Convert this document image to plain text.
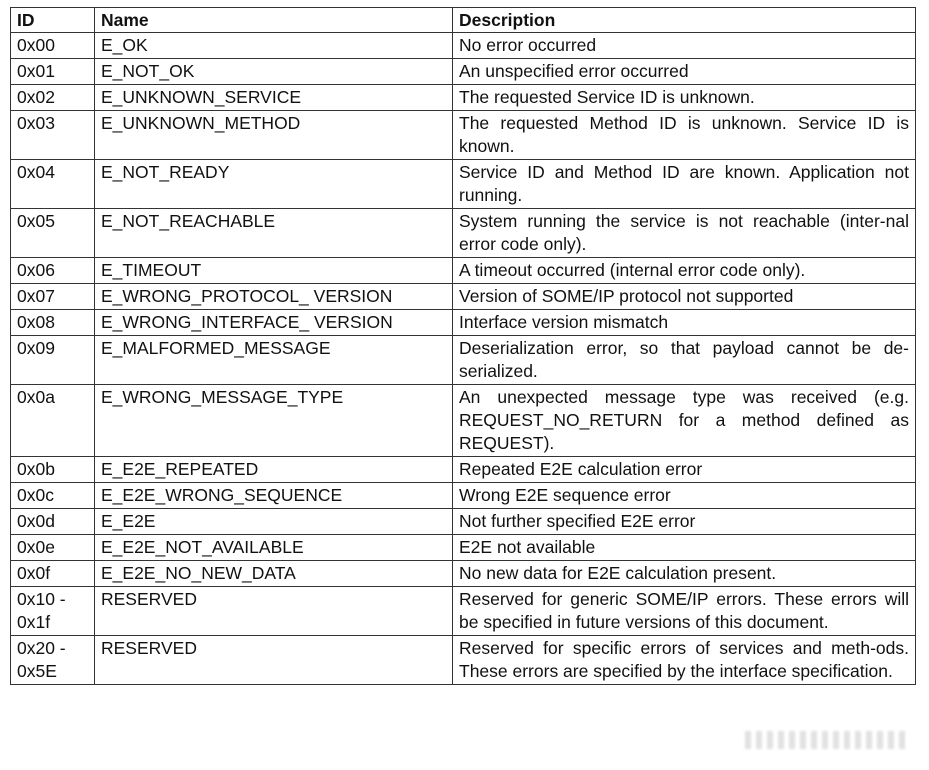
ID	Name	Description
0x00	E_OK	No error occurred
0x01	E_NOT_OK	An unspecified error occurred
0x02	E_UNKNOWN_SERVICE	The requested Service ID is unknown.
0x03	E_UNKNOWN_METHOD	The requested Method ID is unknown. Service ID is known.
0x04	E_NOT_READY	Service ID and Method ID are known. Application not running.
0x05	E_NOT_REACHABLE	System running the service is not reachable (inter-nal error code only).
0x06	E_TIMEOUT	A timeout occurred (internal error code only).
0x07	E_WRONG_PROTOCOL_ VERSION	Version of SOME/IP protocol not supported
0x08	E_WRONG_INTERFACE_ VERSION	Interface version mismatch
0x09	E_MALFORMED_MESSAGE	Deserialization error, so that payload cannot be de-serialized.
0x0a	E_WRONG_MESSAGE_TYPE	An unexpected message type was received (e.g. REQUEST_NO_RETURN for a method defined as REQUEST).
0x0b	E_E2E_REPEATED	Repeated E2E calculation error
0x0c	E_E2E_WRONG_SEQUENCE	Wrong E2E sequence error
0x0d	E_E2E	Not further specified E2E error
0x0e	E_E2E_NOT_AVAILABLE	E2E not available
0x0f	E_E2E_NO_NEW_DATA	No new data for E2E calculation present.
0x10 - 0x1f	RESERVED	Reserved for generic SOME/IP errors. These errors will be specified in future versions of this document.
0x20 - 0x5E	RESERVED	Reserved for specific errors of services and meth-ods. These errors are specified by the interface specification.
